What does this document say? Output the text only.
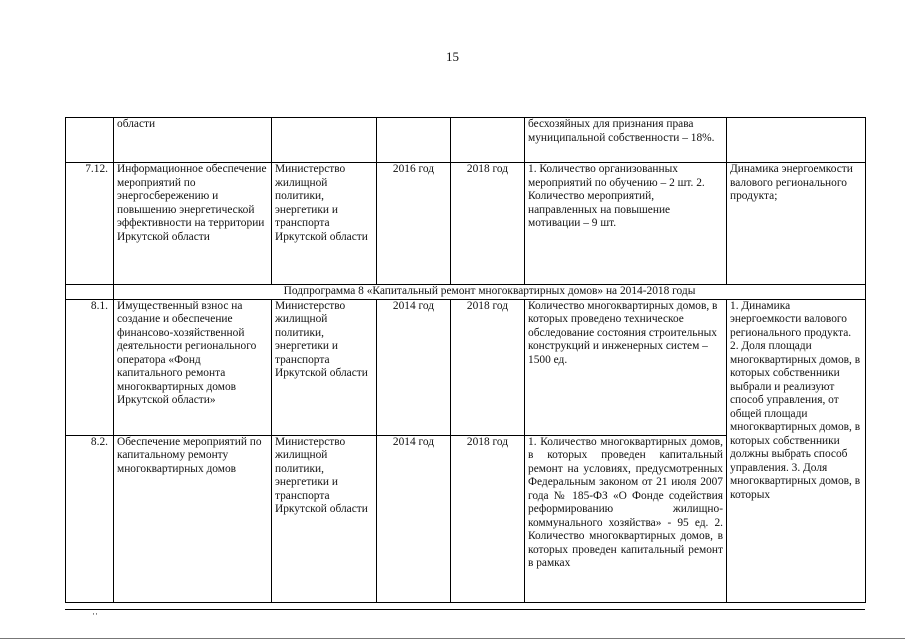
15
	области				бесхозяйных для признания права муниципальной собственности – 18%.	
7.12.	Информационное обеспечение мероприятий по энергосбережению и повышению энергетической эффективности на территории Иркутской области	Министерство жилищной политики, энергетики и транспорта Иркутской области	2016 год	2018 год	1. Количество организованных мероприятий по обучению – 2 шт. 2. Количество мероприятий, направленных на повышение мотивации – 9 шт.	Динамика энергоемкости валового регионального продукта;
	Подпрограмма 8 «Капитальный ремонт многоквартирных домов» на 2014-2018 годы					
8.1.	Имущественный взнос на создание и обеспечение финансово-хозяйственной деятельности регионального оператора «Фонд капитального ремонта многоквартирных домов Иркутской области»	Министерство жилищной политики, энергетики и транспорта Иркутской области	2014 год	2018 год	Количество многоквартирных домов, в которых проведено техническое обследование состояния строительных конструкций и инженерных систем – 1500 ед.	1. Динамика энергоемкости валового регионального продукта. 2. Доля площади многоквартирных домов, в которых собственники выбрали и реализуют способ управления, от общей площади многоквартирных домов, в которых собственники должны выбрать способ управления. 3. Доля многоквартирных домов, в которых
8.2.	Обеспечение мероприятий по капитальному ремонту многоквартирных домов	Министерство жилищной политики, энергетики и транспорта Иркутской области	2014 год	2018 год	1. Количество многоквартирных домов, в которых проведен капитальный ремонт на условиях, предусмотренных Федеральным законом от 21 июля 2007 года № 185-ФЗ «О Фонде содействия реформированию жилищно-коммунального хозяйства» - 95 ед. 2. Количество многоквартирных домов, в которых проведен капитальный ремонт в рамках	
··
